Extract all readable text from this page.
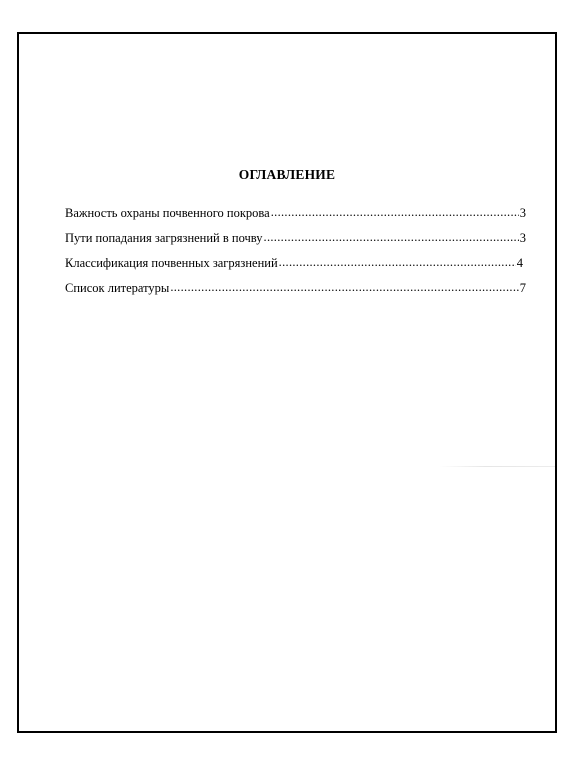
ОГЛАВЛЕНИЕ
Важность охраны почвенного покрова .....	3
Пути попадания загрязнений в почву .....	3
Классификация почвенных загрязнений .....	4
Список литературы .....	7
